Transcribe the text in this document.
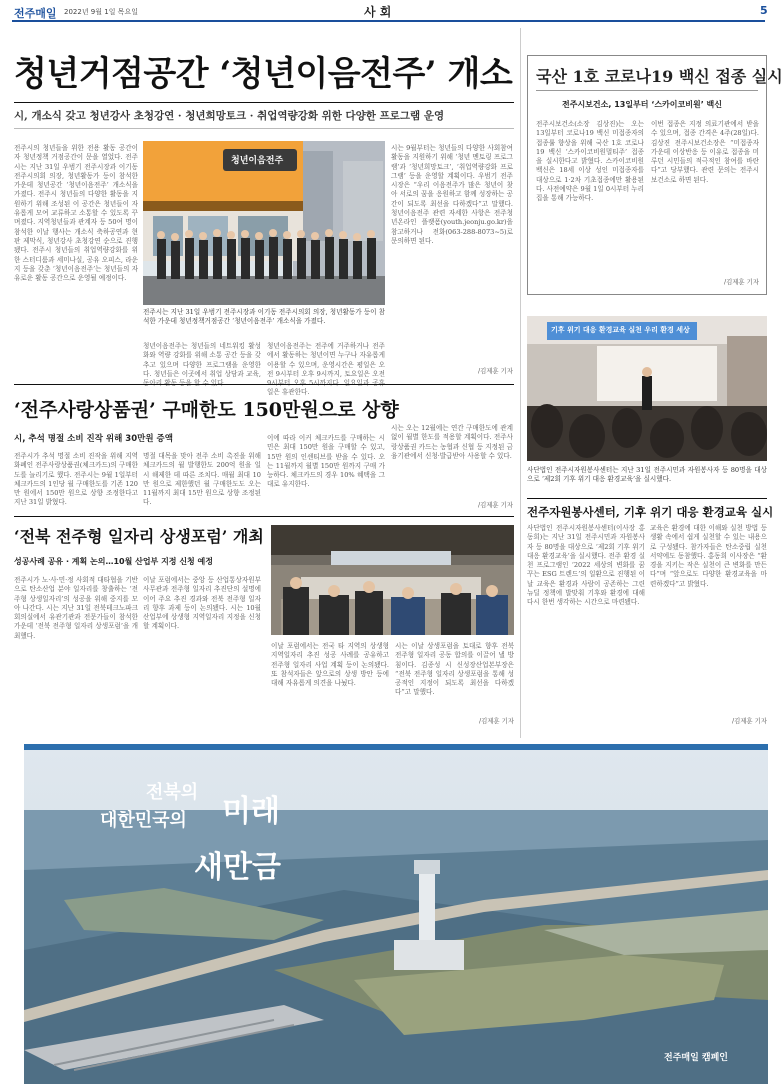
전주매일 2022년 9월 1일 목요일	사 회	5
청년거점공간 ‘청년이음전주’ 개소
시, 개소식 갖고 청년강사 초청강연 · 청년희망토크 · 취업역량강화 위한 다양한 프로그램 운영
전주시의 청년들을 위한 전용 활동 공간이자 청년정책 거점공간이 문을 열었다. 전주시는 지난 31일 우범기 전주시장과 이기동 전주시의회 의장, 청년활동가 등이 참석한 가운데 청년공간 ‘청년이음전주’ 개소식을 가졌다. 전주시 청년들의 다양한 활동을 지원하기 위해 조성된 이 공간은 청년들이 자유롭게 모여 교류하고 소통할 수 있도록 꾸며졌다. 지역청년들과 관계자 등 50여 명이 참석한 이날 행사는 개소식 축하공연과 현판 제막식, 청년강사 초청강연 순으로 진행됐다. 전주시 청년들의 취업역량강화를 위한 스터디룸과 세미나실, 공유 오피스, 라운지 등을 갖춘 ‘청년이음전주’는 청년들의 자유로운 활동 공간으로 운영될 예정이다.
청년이음전주
전주시는 지난 31일 우범기 전주시장과 이기동 전주시의회 의장, 청년활동가 등이 참석한 가운데 청년정책거점공간 ‘청년이음전주’ 개소식을 가졌다.
청년이음전주는 청년들의 네트워킹 활성화와 역량 강화를 위해 소통 공간 등을 갖추고 있으며 다양한 프로그램을 운영한다. 청년들은 이곳에서 취업 상담과 교육,
청년이음전주는 전주에 거주하거나 전주에서 활동하는 청년이면 누구나 자유롭게 이용할 수 있으며, 운영시간은 평일은 오전 9시부터 오후 9시까지, 토요일은 오전 일은 휴관한다.
시는 9월부터는 청년들의 다양한 사회참여 활동을 지원하기 위해 ‘청년 멘토링 프로그램’과 ‘청년희망토크’, ‘취업역량강화 프로그램’ 등을 운영할 계획이다. 우범기 전주시장은 “우리 이음전주가 많은 청년이 찾아 서로의 꿈을 응원하고 함께 성장하는 공간이 되도록 최선을 다하겠다”고 말했다. 청년이음전주 관련 자세한 사항은 전주청년온라인 플랫폼(youth.jeonju.go.kr)을 참고하거나 전화(063-288-8073~5)로 문의하면 된다.
/김제훈 기자
‘전주사랑상품권’ 구매한도 150만원으로 상향
시, 추석 명절 소비 진작 위해 30만원 증액
전주시가 추석 명절 소비 진작을 위해 지역화폐인 전주사랑상품권(체크카드)의 구매한도를 늘리기로 했다. 전주시는 9월 1일부터 체크카드의 1인당 월 구매한도를 기존 120만 원에서 150만 원으로 상향 조정한다고 지난 31일 밝혔다.
명절 대목을 맞아 전주 소비 촉진을 위해 체크카드의 월 발행한도 200억 원을 일시 해제한 데 따른 조치다. 매월 최대 10만 원으로 제한했던 월 구매한도도 오는 11월까지 최대 15만 원으로 상향 조정된다.
이에 따라 이커 체크카드를 구매하는 시민은 최대 150만 원을 구매할 수 있고, 15만 원의 인센티브를 받을 수 있다. 오는 11월까지 월별 150만 원까지 구매 가능하다. 체크카드의 경우 10% 혜택을 그대로 유지한다.
시는 오는 12월에는 연간 구매한도에 관계없이 월별 한도를 적용할 계획이다. 전주사랑상품권 카드는 농협과 신협 등 지정된 금융기관에서 신청·발급받아 사용할 수 있다.
/김제훈 기자
‘전북 전주형 일자리 상생포럼’ 개최
성공사례 공유 · 계획 논의…10월 산업부 지정 신청 예정
전주시가 노·사·민·정 사회적 대타협을 기반으로 탄소산업 분야 일자리를 창출하는 ‘전주형 상생일자리’의 성공을 위해 중지를 모아 나간다. 시는 지난 31일 전북테크노파크 회의실에서 유관기관과 전문가들이 참석한 가운데 ‘전북 전주형 일자리 상생포럼’을 개최했다.
이날 포럼에서는 중앙 등 산업통상자원부 사무관과 전주형 일자리 추진단의 설명에 이어 주요 추진 경과와 전북 전주형 일자리 향후 과제 등이 논의됐다. 시는 10월 산업부에 상생형 지역일자리 지정을 신청할 계획이다.
이날 포럼에서는 전국 타 지역의 상생형 지역일자리 추진 성공 사례를 공유하고 전주형 일자리 사업 계획 등이 논의됐다. 또 참석자들은 앞으로의 상생 방안 등에 대해 자유롭게 의견을 나눴다.
시는 이날 상생포럼을 토대로 향후 전북 전주형 일자리 공동 합의를 이끌어 낼 방침이다. 김종성 시 신성장산업본부장은 “전북 전주형 일자리 상생포럼을 통해 성공적인 지정이 되도록 최선을 다하겠다”고 말했다.
/김제훈 기자
국산 1호 코로나19 백신 접종 실시
전주시보건소, 13일부터 ‘스카이코비원’ 백신
전주시보건소(소장 김상진)는 오는 13일부터 코로나19 백신 미접종자의 접종률 향상을 위해 국산 1호 코로나19 백신 ‘스카이코비원멀티주’ 접종을 실시한다고 밝혔다. 스카이코비원 백신은 18세 이상 성인 미접종자를 대상으로 1·2차 기초접종에만 활용된다. 사전예약은 9월 1일 0시부터 누리집을 통해 가능하다.
이번 접종은 지정 의료기관에서 받을 수 있으며, 접종 간격은 4주(28일)다. 김상진 전주시보건소장은 “미접종자 가운데 이상반응 등 이유로 접종을 미루던 시민들의 적극적인 참여를 바란다”고 당부했다. 관련 문의는 전주시보건소로 하면 된다.
/김제훈 기자
기후 위기 대응 환경교육 실천 우리 환경 세상
사단법인 전주시자원봉사센터는 지난 31일 전주시민과 자원봉사자 등 80명을 대상으로 ‘제2회 기후 위기 대응 환경교육’을 실시했다.
전주자원봉사센터, 기후 위기 대응 환경교육 실시
사단법인 전주시자원봉사센터(이사장 홍동희)는 지난 31일 전주시민과 자원봉사자 등 80명을 대상으로 ‘제2회 기후 위기 대응 환경교육’을 실시했다. 전주 환경 실천 프로그램인 ‘2022 세상의 변화를 꿈꾸는 ESG 트렌드’의 일환으로 진행된 이날 교육은 환경과 사람이 공존하는 그린뉴딜 정책에 발맞춰 기후와 환경에 대해 다시 한번 생각하는 시간으로 마련됐다.
교육은 환경에 대한 이해와 실천 방법 등 생활 속에서 쉽게 실천할 수 있는 내용으로 구성됐다. 참가자들은 탄소중립 실천 서약에도 동참했다. 홍동희 이사장은 “환경을 지키는 작은 실천이 큰 변화를 만든다”며 “앞으로도 다양한 환경교육을 마련하겠다”고 밝혔다.
/김제훈 기자
전북의
대한민국의 미래
새만금
전주매일 캠페인
